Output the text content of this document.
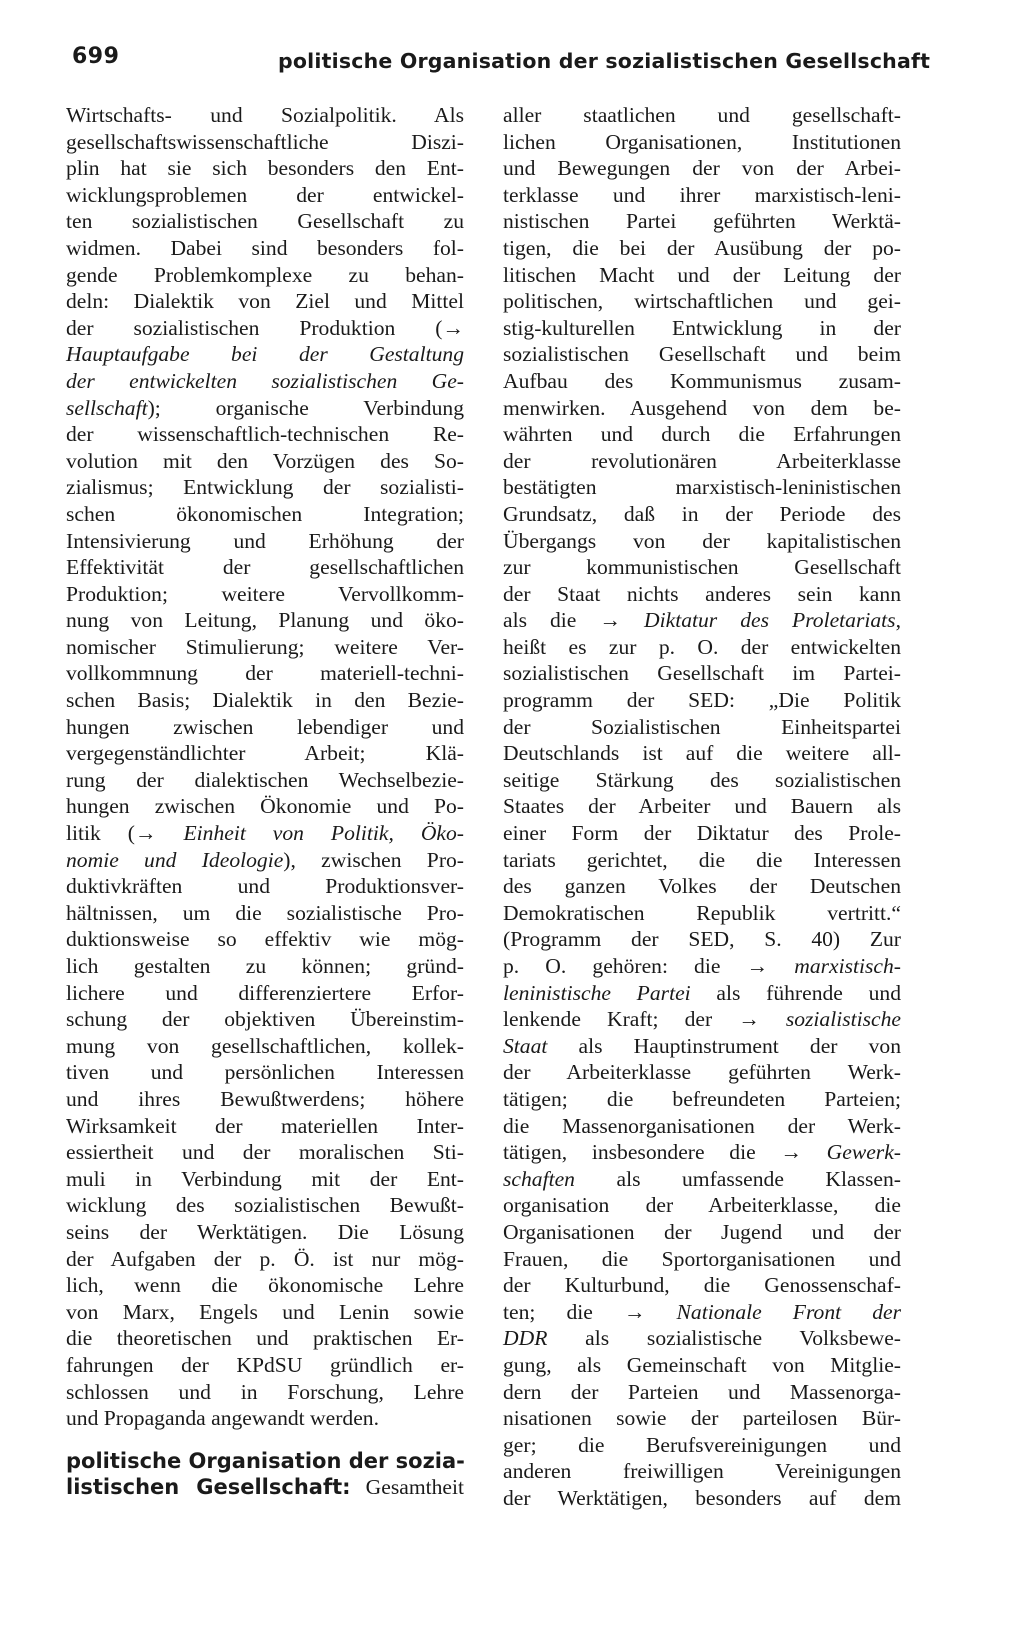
699	politische Organisation der sozialistischen Gesellschaft
Wirtschafts- und Sozialpolitik. Als
gesellschaftswissenschaftliche Diszi-
plin hat sie sich besonders den Ent-
wicklungsproblemen der entwickel-
ten sozialistischen Gesellschaft zu
widmen. Dabei sind besonders fol-
gende Problemkomplexe zu behan-
deln: Dialektik von Ziel und Mittel
der sozialistischen Produktion (→
Hauptaufgabe bei der Gestaltung
der entwickelten sozialistischen Ge-
sellschaft); organische Verbindung
der wissenschaftlich-technischen Re-
volution mit den Vorzügen des So-
zialismus; Entwicklung der sozialisti-
schen ökonomischen Integration;
Intensivierung und Erhöhung der
Effektivität der gesellschaftlichen
Produktion; weitere Vervollkomm-
nung von Leitung, Planung und öko-
nomischer Stimulierung; weitere Ver-
vollkommnung der materiell-techni-
schen Basis; Dialektik in den Bezie-
hungen zwischen lebendiger und
vergegenständlichter Arbeit; Klä-
rung der dialektischen Wechselbezie-
hungen zwischen Ökonomie und Po-
litik (→ Einheit von Politik, Öko-
nomie und Ideologie), zwischen Pro-
duktivkräften und Produktionsver-
hältnissen, um die sozialistische Pro-
duktionsweise so effektiv wie mög-
lich gestalten zu können; gründ-
lichere und differenziertere Erfor-
schung der objektiven Übereinstim-
mung von gesellschaftlichen, kollek-
tiven und persönlichen Interessen
und ihres Bewußtwerdens; höhere
Wirksamkeit der materiellen Inter-
essiertheit und der moralischen Sti-
muli in Verbindung mit der Ent-
wicklung des sozialistischen Bewußt-
seins der Werktätigen. Die Lösung
der Aufgaben der p. Ö. ist nur mög-
lich, wenn die ökonomische Lehre
von Marx, Engels und Lenin sowie
die theoretischen und praktischen Er-
fahrungen der KPdSU gründlich er-
schlossen und in Forschung, Lehre
und Propaganda angewandt werden.
politische Organisation der sozia-
listischen Gesellschaft: Gesamtheit
aller staatlichen und gesellschaft-
lichen Organisationen, Institutionen
und Bewegungen der von der Arbei-
terklasse und ihrer marxistisch-leni-
nistischen Partei geführten Werktä-
tigen, die bei der Ausübung der po-
litischen Macht und der Leitung der
politischen, wirtschaftlichen und gei-
stig-kulturellen Entwicklung in der
sozialistischen Gesellschaft und beim
Aufbau des Kommunismus zusam-
menwirken. Ausgehend von dem be-
währten und durch die Erfahrungen
der revolutionären Arbeiterklasse
bestätigten marxistisch-leninistischen
Grundsatz, daß in der Periode des
Übergangs von der kapitalistischen
zur kommunistischen Gesellschaft
der Staat nichts anderes sein kann
als die → Diktatur des Proletariats,
heißt es zur p. O. der entwickelten
sozialistischen Gesellschaft im Partei-
programm der SED: „Die Politik
der Sozialistischen Einheitspartei
Deutschlands ist auf die weitere all-
seitige Stärkung des sozialistischen
Staates der Arbeiter und Bauern als
einer Form der Diktatur des Prole-
tariats gerichtet, die die Interessen
des ganzen Volkes der Deutschen
Demokratischen Republik vertritt.“
(Programm der SED, S. 40) Zur
p. O. gehören: die → marxistisch-
leninistische Partei als führende und
lenkende Kraft; der → sozialistische
Staat als Hauptinstrument der von
der Arbeiterklasse geführten Werk-
tätigen; die befreundeten Parteien;
die Massenorganisationen der Werk-
tätigen, insbesondere die → Gewerk-
schaften als umfassende Klassen-
organisation der Arbeiterklasse, die
Organisationen der Jugend und der
Frauen, die Sportorganisationen und
der Kulturbund, die Genossenschaf-
ten; die → Nationale Front der
DDR als sozialistische Volksbewe-
gung, als Gemeinschaft von Mitglie-
dern der Parteien und Massenorga-
nisationen sowie der parteilosen Bür-
ger; die Berufsvereinigungen und
anderen freiwilligen Vereinigungen
der Werktätigen, besonders auf dem
